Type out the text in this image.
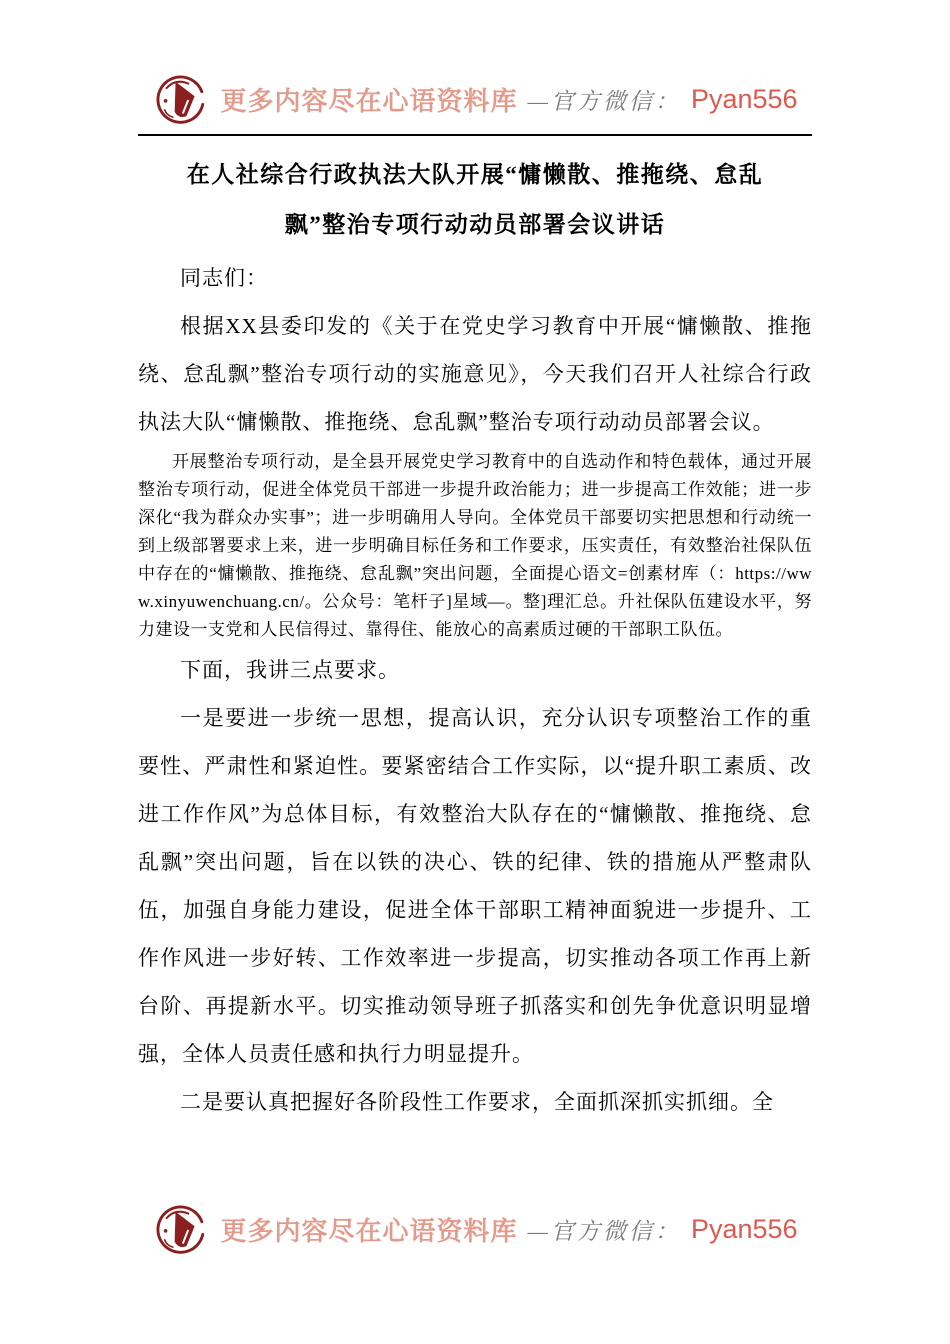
更多内容尽在心语资料库 —官方微信： Pyan556
在人社综合行政执法大队开展“慵懒散、推拖绕、怠乱
飘”整治专项行动动员部署会议讲话
同志们：
根据XX县委印发的《关于在党史学习教育中开展“慵懒散、推拖绕、怠乱飘”整治专项行动的实施意见》，今天我们召开人社综合行政执法大队“慵懒散、推拖绕、怠乱飘”整治专项行动动员部署会议。
开展整治专项行动，是全县开展党史学习教育中的自选动作和特色载体，通过开展整治专项行动，促进全体党员干部进一步提升政治能力；进一步提高工作效能；进一步深化“我为群众办实事”；进一步明确用人导向。全体党员干部要切实把思想和行动统一到上级部署要求上来，进一步明确目标任务和工作要求，压实责任，有效整治社保队伍中存在的“慵懒散、推拖绕、怠乱飘”突出问题，全面提心语文=创素材库（：https://www.xinyuwenchuang.cn/。公众号：笔杆子]星域—。整]理汇总。升社保队伍建设水平，努力建设一支党和人民信得过、靠得住、能放心的高素质过硬的干部职工队伍。
下面，我讲三点要求。
一是要进一步统一思想，提高认识，充分认识专项整治工作的重要性、严肃性和紧迫性。要紧密结合工作实际，以“提升职工素质、改进工作作风”为总体目标，有效整治大队存在的“慵懒散、推拖绕、怠乱飘”突出问题，旨在以铁的决心、铁的纪律、铁的措施从严整肃队伍，加强自身能力建设，促进全体干部职工精神面貌进一步提升、工作作风进一步好转、工作效率进一步提高，切实推动各项工作再上新台阶、再提新水平。切实推动领导班子抓落实和创先争优意识明显增强，全体人员责任感和执行力明显提升。
二是要认真把握好各阶段性工作要求，全面抓深抓实抓细。全
更多内容尽在心语资料库 —官方微信： Pyan556
